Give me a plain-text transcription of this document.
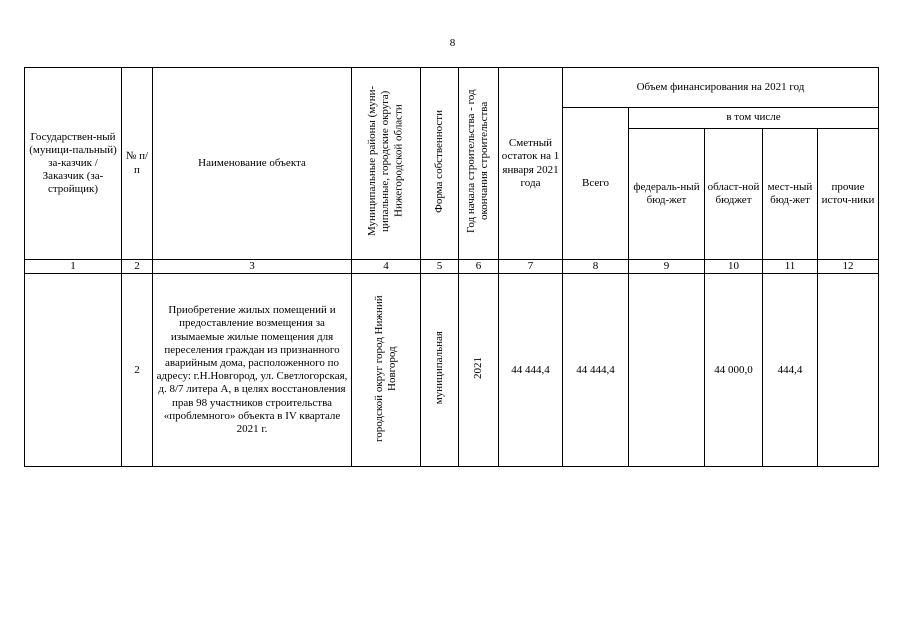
8
Государствен-ный (муници-пальный) за-казчик / Заказчик (за-стройщик)	№ п/п	Наименование объекта	Муниципальные районы (муни-ципальные, городские округа) Нижегородской области	Форма собственности	Год начала строительства - год окончания строительства	Сметный остаток на 1 января 2021 года	Объем финансирования на 2021 год				
							Всего	в том числе			
								федераль-ный бюд-жет	област-ной бюджет	мест-ный бюд-жет	прочие источ-ники
1	2	3	4	5	6	7	8	9	10	11	12
	2	Приобретение жилых помещений и предоставление возмещения за изымаемые жилые помещения для переселения граждан из признанного аварийным дома, расположенного по адресу: г.Н.Новгород, ул. Светлогорская, д. 8/7 литера А, в целях восстановления прав 98 участников строительства «проблемного» объекта в IV квартале 2021 г.	городской округ город Нижний Новгород	муниципальная	2021	44 444,4	44 444,4		44 000,0	444,4	
